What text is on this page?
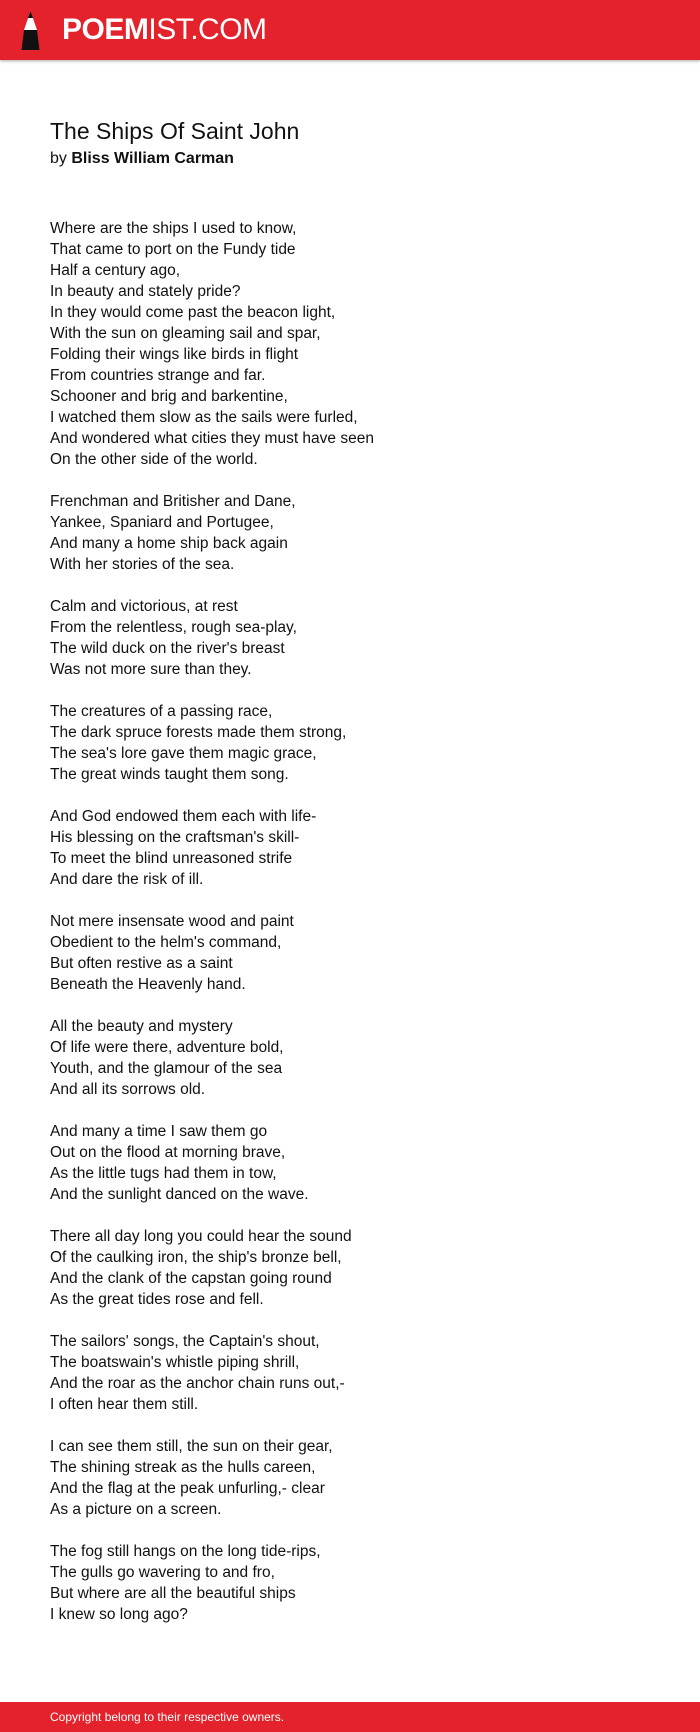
POEMIST.COM
The Ships Of Saint John
by Bliss William Carman
Where are the ships I used to know,
That came to port on the Fundy tide
Half a century ago,
In beauty and stately pride?
In they would come past the beacon light,
With the sun on gleaming sail and spar,
Folding their wings like birds in flight
From countries strange and far.
Schooner and brig and barkentine,
I watched them slow as the sails were furled,
And wondered what cities they must have seen
On the other side of the world.
Frenchman and Britisher and Dane,
Yankee, Spaniard and Portugee,
And many a home ship back again
With her stories of the sea.
Calm and victorious, at rest
From the relentless, rough sea-play,
The wild duck on the river's breast
Was not more sure than they.
The creatures of a passing race,
The dark spruce forests made them strong,
The sea's lore gave them magic grace,
The great winds taught them song.
And God endowed them each with life-
His blessing on the craftsman's skill-
To meet the blind unreasoned strife
And dare the risk of ill.
Not mere insensate wood and paint
Obedient to the helm's command,
But often restive as a saint
Beneath the Heavenly hand.
All the beauty and mystery
Of life were there, adventure bold,
Youth, and the glamour of the sea
And all its sorrows old.
And many a time I saw them go
Out on the flood at morning brave,
As the little tugs had them in tow,
And the sunlight danced on the wave.
There all day long you could hear the sound
Of the caulking iron, the ship's bronze bell,
And the clank of the capstan going round
As the great tides rose and fell.
The sailors' songs, the Captain's shout,
The boatswain's whistle piping shrill,
And the roar as the anchor chain runs out,-
I often hear them still.
I can see them still, the sun on their gear,
The shining streak as the hulls careen,
And the flag at the peak unfurling,- clear
As a picture on a screen.
The fog still hangs on the long tide-rips,
The gulls go wavering to and fro,
But where are all the beautiful ships
I knew so long ago?
Copyright belong to their respective owners.
